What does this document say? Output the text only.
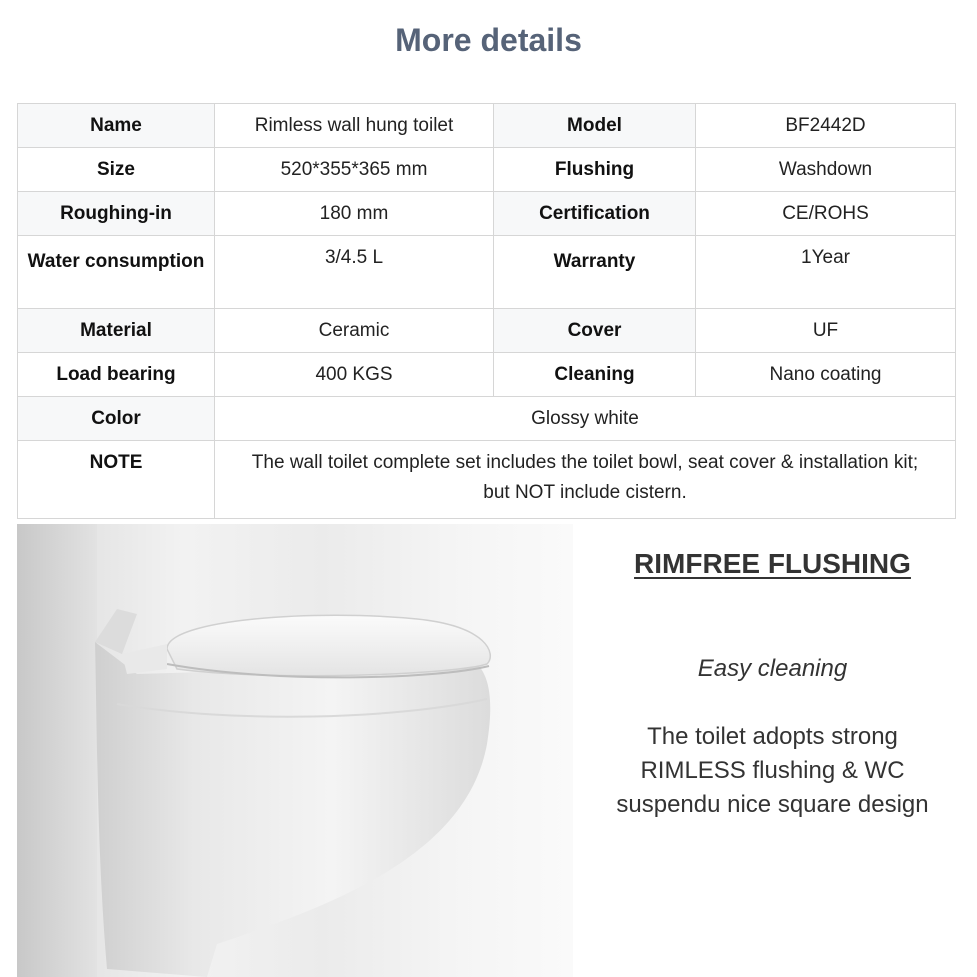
More details
Name	Rimless wall hung toilet	Model	BF2442D
Size	520*355*365 mm	Flushing	Washdown
Roughing-in	180 mm	Certification	CE/ROHS
Water consumption	3/4.5 L	Warranty	1Year
Material	Ceramic	Cover	UF
Load bearing	400 KGS	Cleaning	Nano coating
Color	Glossy white		
NOTE	The wall toilet complete set includes the toilet bowl, seat cover & installation kit;
but NOT include cistern.		
RIMFREE FLUSHING
Easy cleaning
The toilet adopts strong
RIMLESS flushing & WC
suspendu nice square design
